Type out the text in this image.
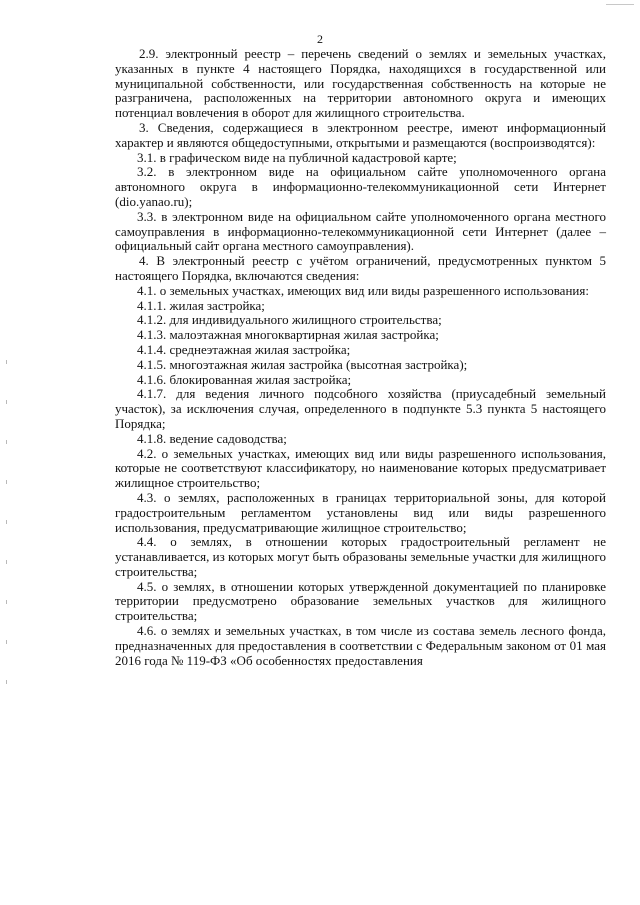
2

2.9. электронный реестр – перечень сведений о землях и земельных участках, указанных в пункте 4 настоящего Порядка, находящихся в государственной или муниципальной собственности, или государственная собственность на которые не разграничена, расположенных на территории автономного округа и имеющих потенциал вовлечения в оборот для жилищного строительства.

3. Сведения, содержащиеся в электронном реестре, имеют информационный характер и являются общедоступными, открытыми и размещаются (воспроизводятся):

3.1. в графическом виде на публичной кадастровой карте;

3.2. в электронном виде на официальном сайте уполномоченного органа автономного округа в информационно-телекоммуникационной сети Интернет (dio.yanao.ru);

3.3. в электронном виде на официальном сайте уполномоченного органа местного самоуправления в информационно-телекоммуникационной сети Интернет (далее – официальный сайт органа местного самоуправления).

4. В электронный реестр с учётом ограничений, предусмотренных пунктом 5 настоящего Порядка, включаются сведения:

4.1. о земельных участках, имеющих вид или виды разрешенного использования:

4.1.1. жилая застройка;

4.1.2. для индивидуального жилищного строительства;

4.1.3. малоэтажная многоквартирная жилая застройка;

4.1.4. среднеэтажная жилая застройка;

4.1.5. многоэтажная жилая застройка (высотная застройка);

4.1.6. блокированная жилая застройка;

4.1.7. для ведения личного подсобного хозяйства (приусадебный земельный участок), за исключения случая, определенного в подпункте 5.3 пункта 5 настоящего Порядка;

4.1.8. ведение садоводства;

4.2. о земельных участках, имеющих вид или виды разрешенного использования, которые не соответствуют классификатору, но наименование которых предусматривает жилищное строительство;

4.3. о землях, расположенных в границах территориальной зоны, для которой градостроительным регламентом установлены вид или виды разрешенного использования, предусматривающие жилищное строительство;

4.4. о землях, в отношении которых градостроительный регламент не устанавливается, из которых могут быть образованы земельные участки для жилищного строительства;

4.5. о землях, в отношении которых утвержденной документацией по планировке территории предусмотрено образование земельных участков для жилищного строительства;

4.6. о землях и земельных участках, в том числе из состава земель лесного фонда, предназначенных для предоставления в соответствии с Федеральным законом от 01 мая 2016 года № 119-ФЗ «Об особенностях предоставления
